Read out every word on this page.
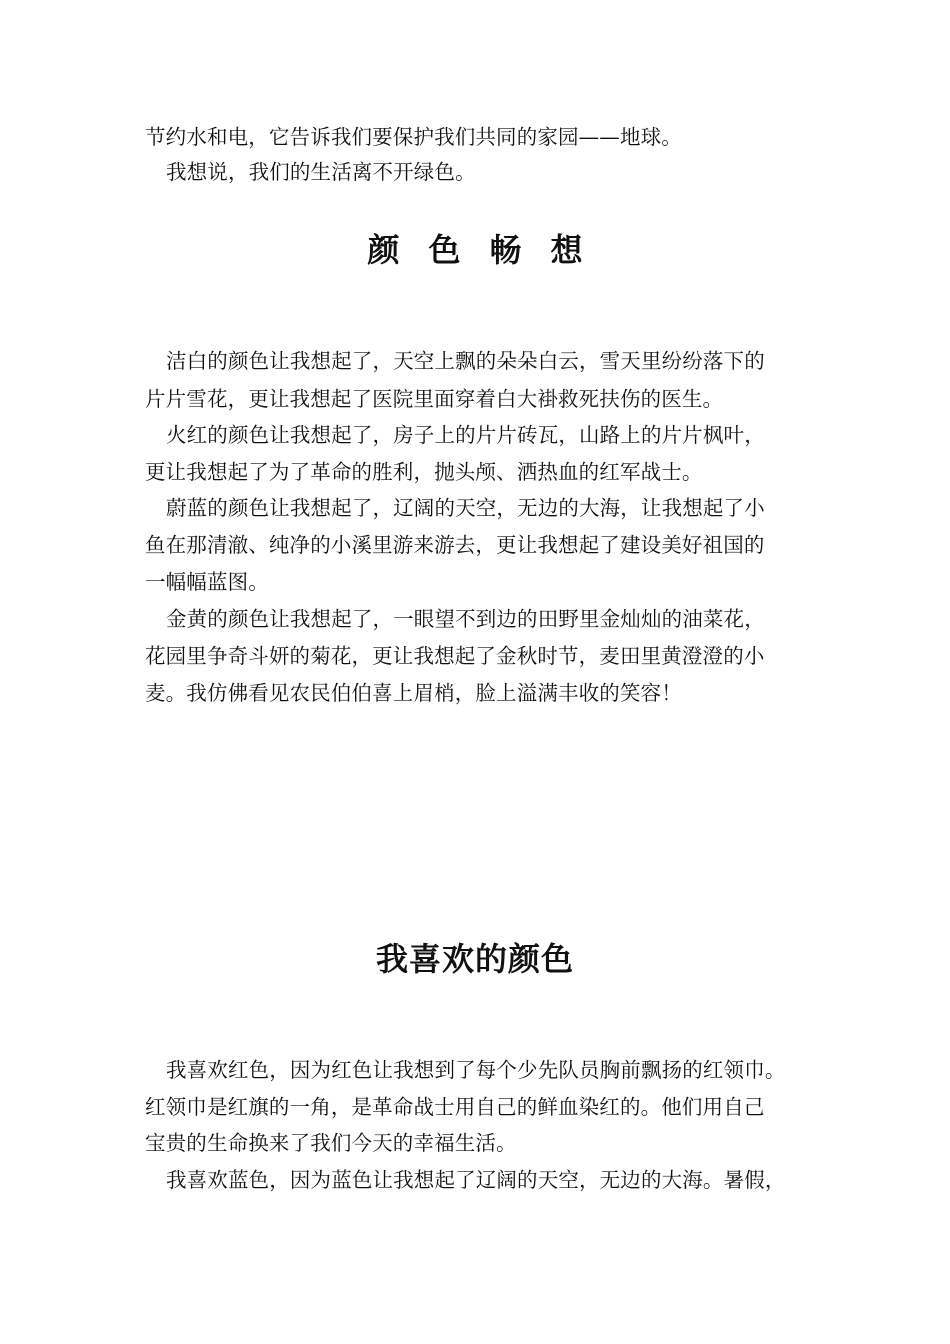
节约水和电，它告诉我们要保护我们共同的家园——地球。
我想说，我们的生活离不开绿色。
颜色畅想
洁白的颜色让我想起了，天空上飘的朵朵白云，雪天里纷纷落下的
片片雪花，更让我想起了医院里面穿着白大褂救死扶伤的医生。
火红的颜色让我想起了，房子上的片片砖瓦，山路上的片片枫叶，
更让我想起了为了革命的胜利，抛头颅、洒热血的红军战士。
蔚蓝的颜色让我想起了，辽阔的天空，无边的大海，让我想起了小
鱼在那清澈、纯净的小溪里游来游去，更让我想起了建设美好祖国的
一幅幅蓝图。
金黄的颜色让我想起了，一眼望不到边的田野里金灿灿的油菜花，
花园里争奇斗妍的菊花，更让我想起了金秋时节，麦田里黄澄澄的小
麦。我仿佛看见农民伯伯喜上眉梢，脸上溢满丰收的笑容！
我喜欢的颜色
我喜欢红色，因为红色让我想到了每个少先队员胸前飘扬的红领巾。
红领巾是红旗的一角，是革命战士用自己的鲜血染红的。他们用自己
宝贵的生命换来了我们今天的幸福生活。
我喜欢蓝色，因为蓝色让我想起了辽阔的天空，无边的大海。暑假，
